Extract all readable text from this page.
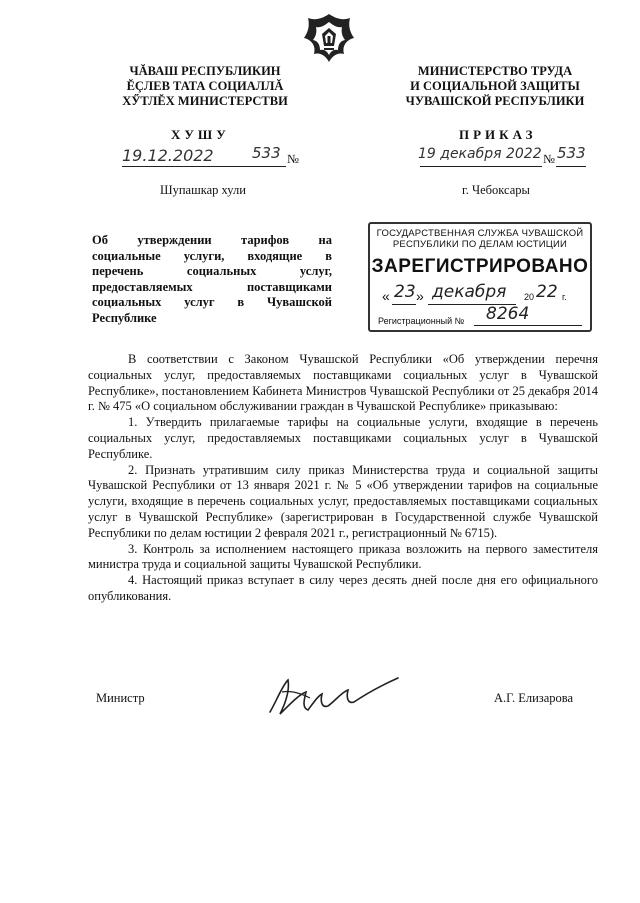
ЧĂВАШ РЕСПУБЛИКИН
ĔÇЛЕВ ТАТА СОЦИАЛЛĂ
ХӲТЛĔХ МИНИСТЕРСТВИ
ХУШУ
19.12.2022	533 №
Шупашкар хули
МИНИСТЕРСТВО ТРУДА
И СОЦИАЛЬНОЙ ЗАЩИТЫ
ЧУВАШСКОЙ РЕСПУБЛИКИ
ПРИКАЗ
19 декабря 2022 № 533
г. Чебоксары
Об утверждении тарифов на
социальные услуги, входящие в
перечень социальных услуг,
предоставляемых поставщиками
социальных услуг в Чувашской
Республике
ГОСУДАРСТВЕННАЯ СЛУЖБА ЧУВАШСКОЙ
РЕСПУБЛИКИ ПО ДЕЛАМ ЮСТИЦИИ
ЗАРЕГИСТРИРОВАНО
« 23 » декабря 20 22 г.
Регистрационный № 8264

В соответствии с Законом Чувашской Республики «Об утверждении перечня социальных услуг, предоставляемых поставщиками социальных услуг в Чувашской Республике», постановлением Кабинета Министров Чувашской Республики от 25 декабря 2014 г. № 475 «О социальном обслуживании граждан в Чувашской Республике» приказываю:

1. Утвердить прилагаемые тарифы на социальные услуги, входящие в перечень социальных услуг, предоставляемых поставщиками социальных услуг в Чувашской Республике.

2. Признать утратившим силу приказ Министерства труда и социальной защиты Чувашской Республики от 13 января 2021 г. № 5 «Об утверждении тарифов на социальные услуги, входящие в перечень социальных услуг, предоставляемых поставщиками социальных услуг в Чувашской Республике» (зарегистрирован в Государственной службе Чувашской Республики по делам юстиции 2 февраля 2021 г., регистрационный № 6715).

3. Контроль за исполнением настоящего приказа возложить на первого заместителя министра труда и социальной защиты Чувашской Республики.

4. Настоящий приказ вступает в силу через десять дней после дня его официального опубликования.

Министр	А.Г. Елизарова
